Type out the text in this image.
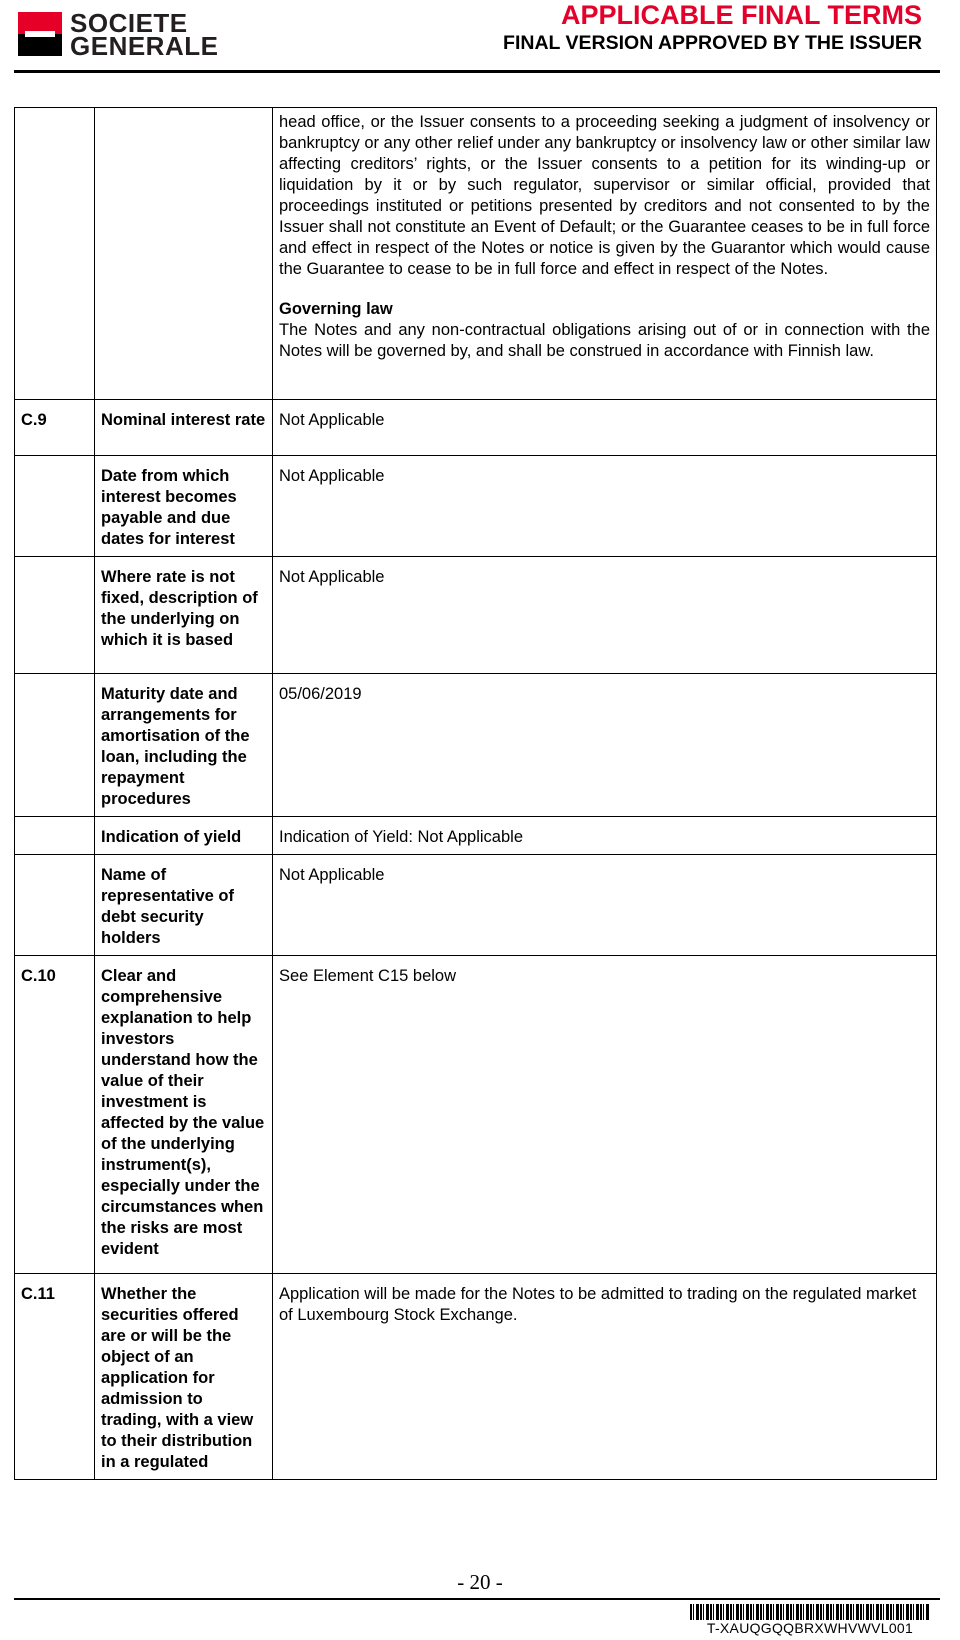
SOCIETE
GENERALE
APPLICABLE FINAL TERMS
FINAL VERSION APPROVED BY THE ISSUER

		head office, or the Issuer consents to a proceeding seeking a judgment of insolvency or bankruptcy or any other relief under any bankruptcy or insolvency law or other similar law affecting creditors’ rights, or the Issuer consents to a petition for its winding-up or liquidation by it or by such regulator, supervisor or similar official, provided that proceedings instituted or petitions presented by creditors and not consented to by the Issuer shall not constitute an Event of Default; or the Guarantee ceases to be in full force and effect in respect of the Notes or notice is given by the Guarantor which would cause the Guarantee to cease to be in full force and effect in respect of the Notes.

Governing law

The Notes and any non-contractual obligations arising out of or in connection with the Notes will be governed by, and shall be construed in accordance with Finnish law.

C.9	Nominal interest rate	Not Applicable
	Date from which interest becomes payable and due dates for interest	Not Applicable
	Where rate is not fixed, description of the underlying on which it is based	Not Applicable
	Maturity date and arrangements for amortisation of the loan, including the repayment procedures	05/06/2019
	Indication of yield	Indication of Yield: Not Applicable
	Name of representative of debt security holders	Not Applicable
C.10	Clear and comprehensive explanation to help investors understand how the value of their investment is affected by the value of the underlying instrument(s), especially under the circumstances when the risks are most evident	See Element C15 below
C.11	Whether the securities offered are or will be the object of an application for admission to trading, with a view to their distribution in a regulated	Application will be made for the Notes to be admitted to trading on the regulated market of Luxembourg Stock Exchange.
- 20 -
T-XAUQGQQBRXWHVWVL001
